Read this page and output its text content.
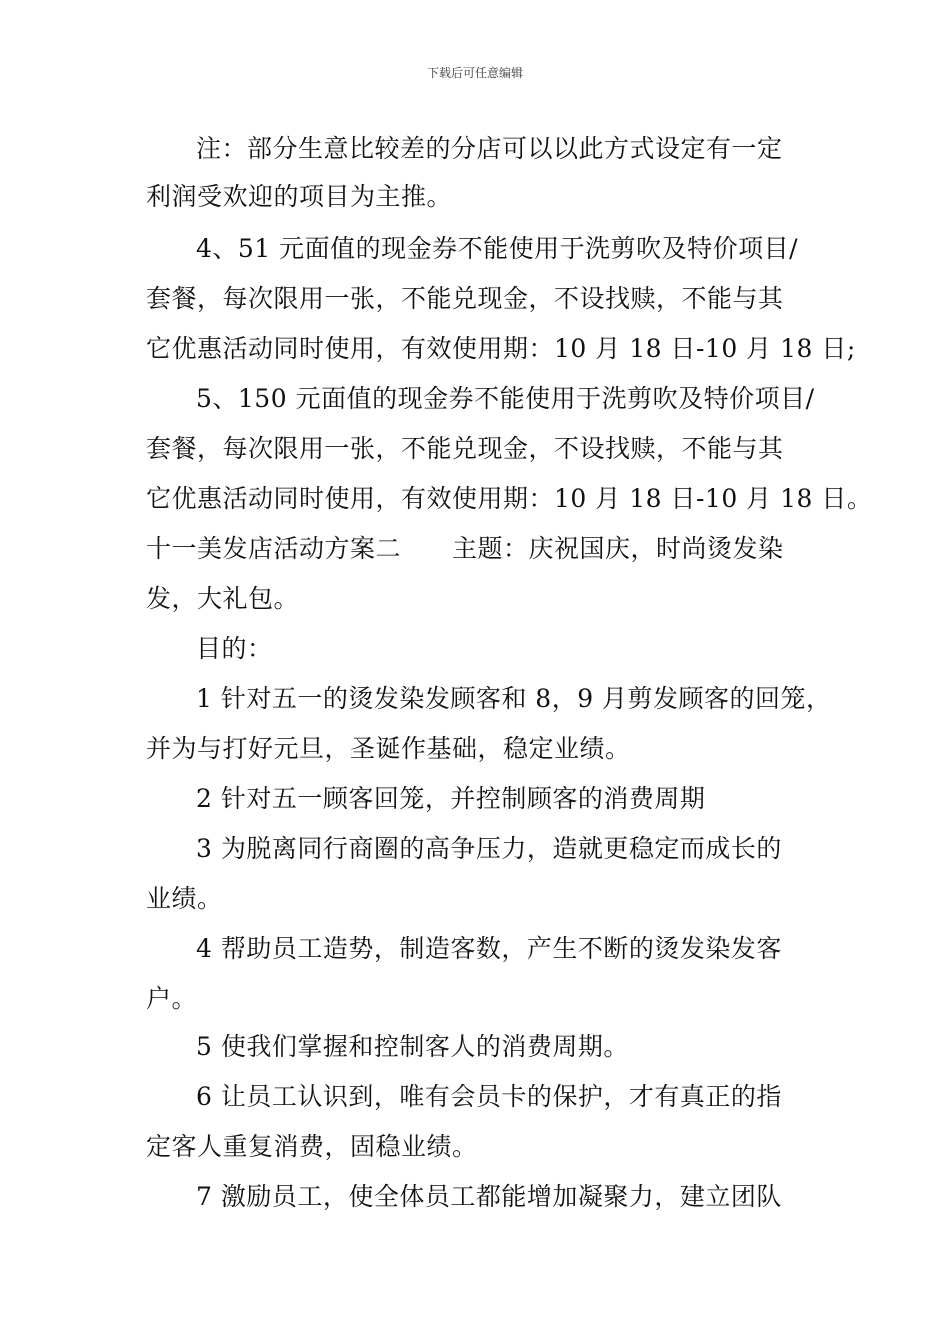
下载后可任意编辑
注：部分生意比较差的分店可以以此方式设定有一定
利润受欢迎的项目为主推。
4、51 元面值的现金券不能使用于洗剪吹及特价项目/
套餐，每次限用一张，不能兑现金，不设找赎，不能与其
它优惠活动同时使用，有效使用期：10 月 18 日-10 月 18 日;
5、150 元面值的现金券不能使用于洗剪吹及特价项目/
套餐，每次限用一张，不能兑现金，不设找赎，不能与其
它优惠活动同时使用，有效使用期：10 月 18 日-10 月 18 日。
十一美发店活动方案二　　主题：庆祝国庆，时尚烫发染
发，大礼包。
目的：
1 针对五一的烫发染发顾客和 8，9 月剪发顾客的回笼，
并为与打好元旦，圣诞作基础，稳定业绩。
2 针对五一顾客回笼，并控制顾客的消费周期
3 为脱离同行商圈的高争压力，造就更稳定而成长的
业绩。
4 帮助员工造势，制造客数，产生不断的烫发染发客
户。
5 使我们掌握和控制客人的消费周期。
6 让员工认识到，唯有会员卡的保护，才有真正的指
定客人重复消费，固稳业绩。
7 激励员工，使全体员工都能增加凝聚力，建立团队
